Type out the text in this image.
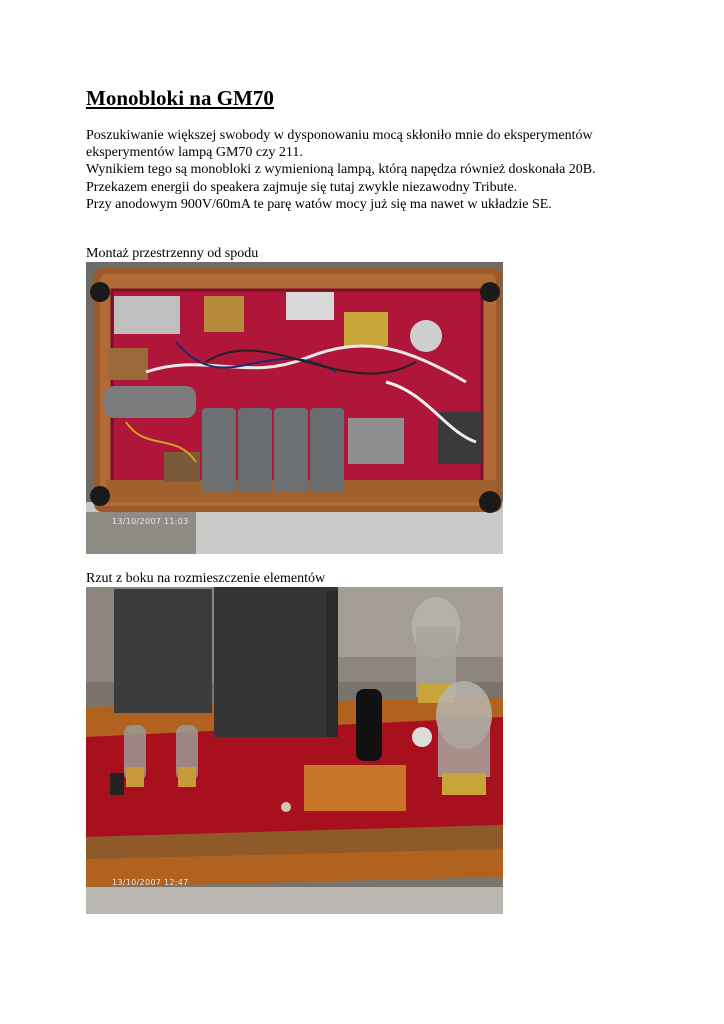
Monobloki na GM70
Poszukiwanie większej swobody w dysponowaniu mocą skłoniło mnie do eksperymentów
eksperymentów lampą GM70 czy 211.
Wynikiem tego są monobloki z wymienioną lampą, którą napędza również doskonała 20B.
Przekazem energii do speakera zajmuje się tutaj zwykle niezawodny Tribute.
Przy anodowym 900V/60mA te parę watów mocy już się ma nawet w układzie SE.
Montaż przestrzenny od spodu
13/10/2007 11:03
Rzut z boku na rozmieszczenie elementów
13/10/2007 12:47
